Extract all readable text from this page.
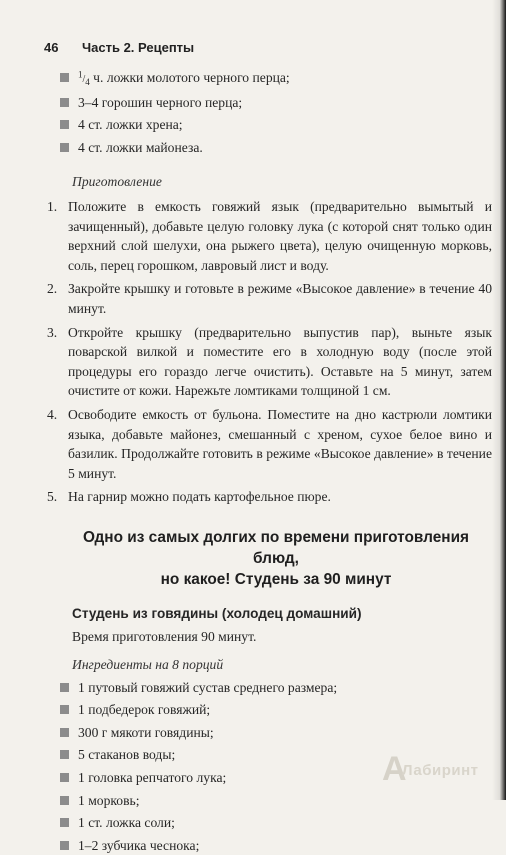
46 Часть 2. Рецепты
$^1/_4$ ч. ложки молотого черного перца;
3–4 горошин черного перца;
4 ст. ложки хрена;
4 ст. ложки майонеза.
Приготовление
1. Положите в емкость говяжий язык (предварительно вымытый и зачищенный), добавьте целую головку лука (с которой снят только один верхний слой шелухи, она рыжего цвета), целую очищенную морковь, соль, перец горошком, лавровый лист и воду.
2. Закройте крышку и готовьте в режиме «Высокое давление» в течение 40 минут.
3. Откройте крышку (предварительно выпустив пар), выньте язык поварской вилкой и поместите его в холодную воду (после этой процедуры его гораздо легче очистить). Оставьте на 5 минут, затем очистите от кожи. Нарежьте ломтиками толщиной 1 см.
4. Освободите емкость от бульона. Поместите на дно кастрюли ломтики языка, добавьте майонез, смешанный с хреном, сухое белое вино и базилик. Продолжайте готовить в режиме «Высокое давление» в течение 5 минут.
5. На гарнир можно подать картофельное пюре.
Одно из самых долгих по времени приготовления блюд,
но какое! Студень за 90 минут
Студень из говядины (холодец домашний)
Время приготовления 90 минут.
Ингредиенты на 8 порций
1 путовый говяжий сустав среднего размера;
1 подбедерок говяжий;
300 г мякоти говядины;
5 стаканов воды;
1 головка репчатого лука;
1 морковь;
1 ст. ложка соли;
1–2 зубчика чеснока;
A
Лабиринт
